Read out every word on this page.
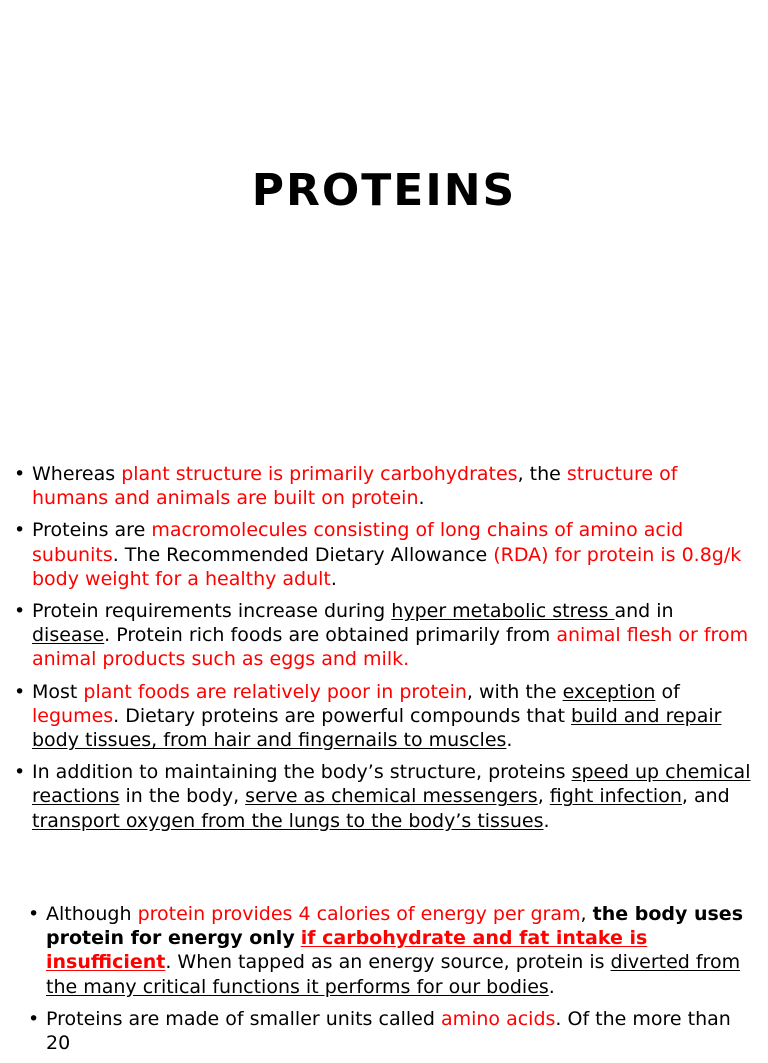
PROTEINS
• Whereas plant structure is primarily carbohydrates, the structure of humans and animals are built on protein.
• Proteins are macromolecules consisting of long chains of amino acid subunits. The Recommended Dietary Allowance (RDA) for protein is 0.8g/k body weight for a healthy adult.
• Protein requirements increase during hyper metabolic stress and in disease. Protein rich foods are obtained primarily from animal flesh or from animal products such as eggs and milk.
• Most plant foods are relatively poor in protein, with the exception of legumes. Dietary proteins are powerful compounds that build and repair body tissues, from hair and fingernails to muscles.
• In addition to maintaining the body’s structure, proteins speed up chemical reactions in the body, serve as chemical messengers, fight infection, and transport oxygen from the lungs to the body’s tissues.
• Although protein provides 4 calories of energy per gram, the body uses protein for energy only if carbohydrate and fat intake is insufficient. When tapped as an energy source, protein is diverted from the many critical functions it performs for our bodies.
• Proteins are made of smaller units called amino acids. Of the more than 20
